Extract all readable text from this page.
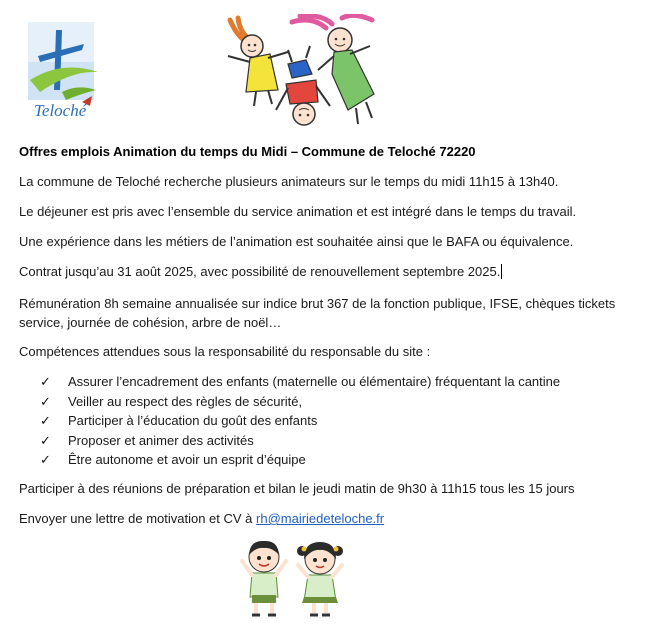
Teloché
Offres emplois Animation du temps du Midi – Commune de Teloché 72220
La commune de Teloché recherche plusieurs animateurs sur le temps du midi 11h15 à 13h40.
Le déjeuner est pris avec l’ensemble du service animation et est intégré dans le temps du travail.
Une expérience dans les métiers de l’animation est souhaitée ainsi que le BAFA ou équivalence.
Contrat jusqu’au 31 août 2025, avec possibilité de renouvellement septembre 2025.
Rémunération 8h semaine annualisée sur indice brut 367 de la fonction publique, IFSE, chèques tickets service, journée de cohésion, arbre de noël…
Compétences attendues sous la responsabilité du responsable du site :
✓ Assurer l’encadrement des enfants (maternelle ou élémentaire) fréquentant la cantine
✓ Veiller au respect des règles de sécurité,
✓ Participer à l’éducation du goût des enfants
✓ Proposer et animer des activités
✓ Être autonome et avoir un esprit d’équipe
Participer à des réunions de préparation et bilan le jeudi matin de 9h30 à 11h15 tous les 15 jours
Envoyer une lettre de motivation et CV à rh@mairiedeteloche.fr
